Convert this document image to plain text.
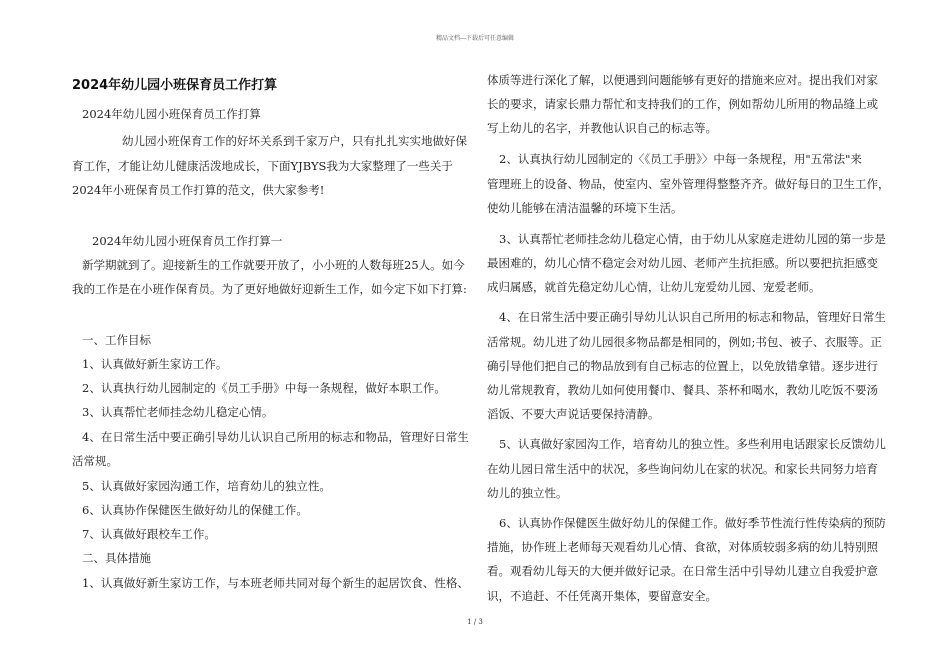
精品文档---下载后可任意编辑
2024年幼儿园小班保育员工作打算
2024年幼儿园小班保育员工作打算
幼儿园小班保育工作的好坏关系到千家万户，只有扎扎实实地做好保
育工作，才能让幼儿健康活泼地成长，下面YJBYS我为大家整理了一些关于
2024年小班保育员工作打算的范文，供大家参考!
2024年幼儿园小班保育员工作打算一
新学期就到了。迎接新生的工作就要开放了，小小班的人数每班25人。如今
我的工作是在小班作保育员。为了更好地做好迎新生工作，如今定下如下打算:
一、工作目标
1、认真做好新生家访工作。
2、认真执行幼儿园制定的《员工手册》中每一条规程，做好本职工作。
3、认真帮忙老师挂念幼儿稳定心情。
4、在日常生活中要正确引导幼儿认识自己所用的标志和物品，管理好日常生
活常规。
5、认真做好家园沟通工作，培育幼儿的独立性。
6、认真协作保健医生做好幼儿的保健工作。
7、认真做好跟校车工作。
二、具体措施
1、认真做好新生家访工作，与本班老师共同对每个新生的起居饮食、性格、
体质等进行深化了解，以便遇到问题能够有更好的措施来应对。提出我们对家
长的要求，请家长鼎力帮忙和支持我们的工作，例如帮幼儿所用的物品缝上或
写上幼儿的名字，并教他认识自己的标志等。
2、认真执行幼儿园制定的〈《员工手册》〉中每一条规程，用"五常法"来
管理班上的设备、物品，使室内、室外管理得整整齐齐。做好每日的卫生工作，
使幼儿能够在清洁温馨的环境下生活。
3、认真帮忙老师挂念幼儿稳定心情，由于幼儿从家庭走进幼儿园的第一步是
最困难的，幼儿心情不稳定会对幼儿园、老师产生抗拒感。所以要把抗拒感变
成归属感，就首先稳定幼儿心情，让幼儿宠爱幼儿园、宠爱老师。
4、在日常生活中要正确引导幼儿认识自己所用的标志和物品，管理好日常生
活常规。幼儿进了幼儿园很多物品都是相同的，例如;书包、被子、衣服等。正
确引导他们把自己的物品放到有自己标志的位置上，以免放错拿错。逐步进行
幼儿常规教育，教幼儿如何使用餐巾、餐具、茶杯和喝水，教幼儿吃饭不要汤
滔饭、不要大声说话要保持清静。
5、认真做好家园沟工作，培育幼儿的独立性。多些利用电话跟家长反馈幼儿
在幼儿园日常生活中的状况，多些询问幼儿在家的状况。和家长共同努力培育
幼儿的独立性。
6、认真协作保健医生做好幼儿的保健工作。做好季节性流行性传染病的预防
措施，协作班上老师每天观看幼儿心情、食欲，对体质较弱多病的幼儿特别照
看。观看幼儿每天的大便并做好记录。在日常生活中引导幼儿建立自我爱护意
识，不追赶、不任凭离开集体，要留意安全。
1 / 3
